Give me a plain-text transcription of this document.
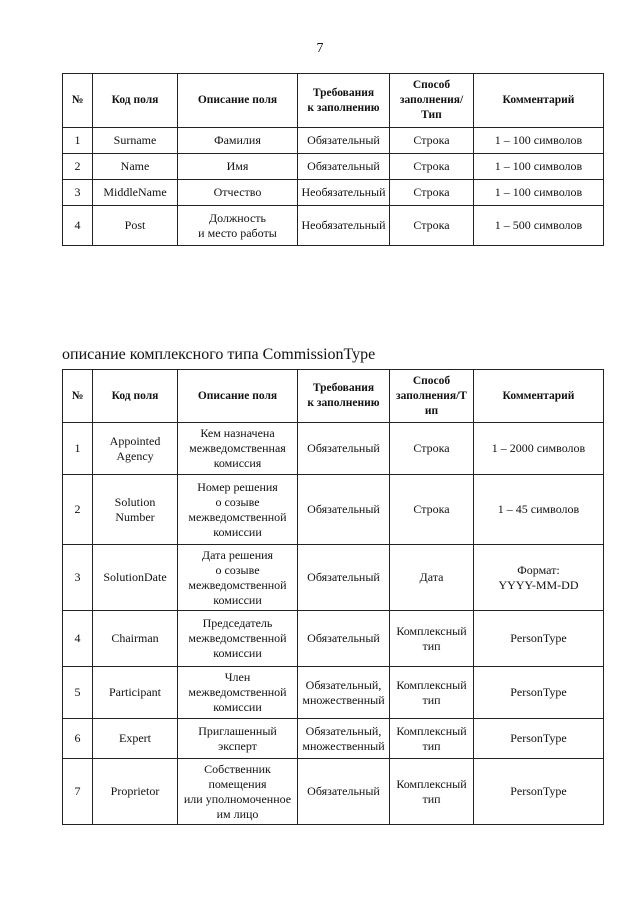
7
№	Код поля	Описание поля	Требования
к заполнению	Способ
заполнения/
Тип	Комментарий

1	Surname	Фамилия	Обязательный	Строка	1 – 100 символов

2	Name	Имя	Обязательный	Строка	1 – 100 символов

3	MiddleName	Отчество	Необязательный	Строка	1 – 100 символов

4	Post	Должность
и место работы	Необязательный	Строка	1 – 500 символов
описание комплексного типа CommissionType
№	Код поля	Описание поля	Требования
к заполнению	Способ
заполнения/Т
ип	Комментарий

1	Appointed
Agency	Кем назначена
межведомственная
комиссия	Обязательный	Строка	1 – 2000 символов

2	Solution
Number	Номер решения
о созыве
межведомственной
комиссии	Обязательный	Строка	1 – 45 символов

3	SolutionDate	Дата решения
о созыве
межведомственной
комиссии	Обязательный	Дата	Формат:
YYYY-MM-DD

4	Chairman	Председатель
межведомственной
комиссии	Обязательный	Комплексный
тип	PersonType

5	Participant	Член
межведомственной
комиссии	Обязательный,
множественный	Комплексный
тип	PersonType

6	Expert	Приглашенный
эксперт	Обязательный,
множественный	Комплексный
тип	PersonType

7	Proprietor	Собственник
помещения
или уполномоченное
им лицо	Обязательный	Комплексный
тип	PersonType
